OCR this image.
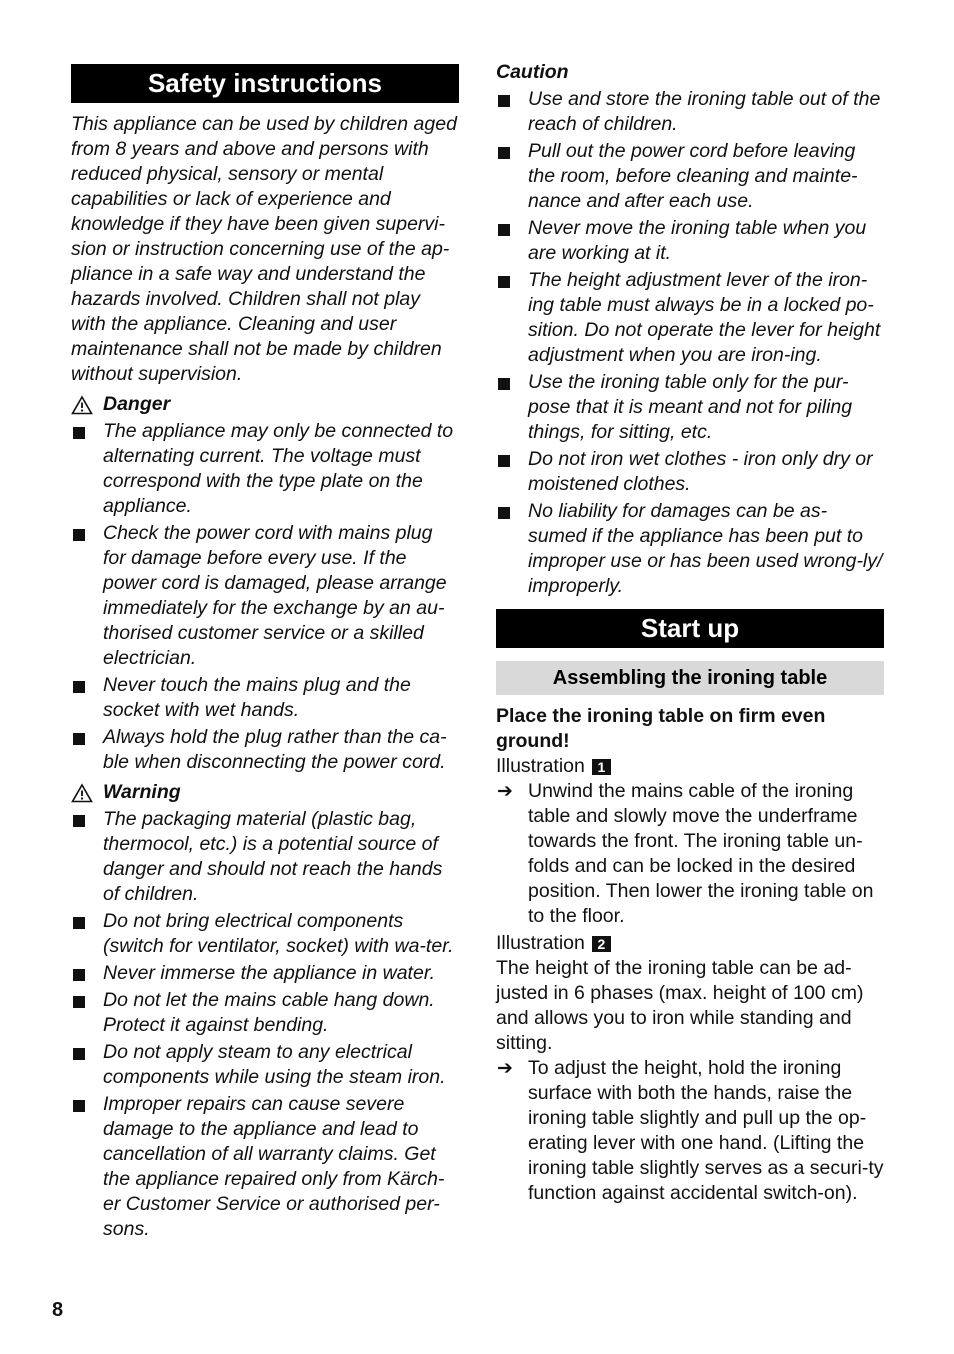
Safety instructions

This appliance can be used by children aged from 8 years and above and persons with reduced physical, sensory or mental capabilities or lack of experience and knowledge if they have been given supervi-sion or instruction concerning use of the ap-pliance in a safe way and understand the hazards involved. Children shall not play with the appliance. Cleaning and user maintenance shall not be made by children without supervision.

Danger
The appliance may only be connected to alternating current. The voltage must correspond with the type plate on the appliance.
Check the power cord with mains plug for damage before every use. If the power cord is damaged, please arrange immediately for the exchange by an au-thorised customer service or a skilled electrician.
Never touch the mains plug and the socket with wet hands.
Always hold the plug rather than the ca-ble when disconnecting the power cord.
Warning
The packaging material (plastic bag, thermocol, etc.) is a potential source of danger and should not reach the hands of children.
Do not bring electrical components (switch for ventilator, socket) with wa-ter.
Never immerse the appliance in water.
Do not let the mains cable hang down. Protect it against bending.
Do not apply steam to any electrical components while using the steam iron.
Improper repairs can cause severe damage to the appliance and lead to cancellation of all warranty claims. Get the appliance repaired only from Kärch-er Customer Service or authorised per-sons.
Caution
Use and store the ironing table out of the reach of children.
Pull out the power cord before leaving the room, before cleaning and mainte-nance and after each use.
Never move the ironing table when you are working at it.
The height adjustment lever of the iron-ing table must always be in a locked po-sition. Do not operate the lever for height adjustment when you are iron-ing.
Use the ironing table only for the pur-pose that it is meant and not for piling things, for sitting, etc.
Do not iron wet clothes - iron only dry or moistened clothes.
No liability for damages can be as-sumed if the appliance has been put to improper use or has been used wrong-ly/ improperly.
Start up
Assembling the ironing table

Place the ironing table on firm even ground!

Illustration 1
➔ Unwind the mains cable of the ironing table and slowly move the underframe towards the front. The ironing table un-folds and can be locked in the desired position. Then lower the ironing table on to the floor.
Illustration 2

The height of the ironing table can be ad-justed in 6 phases (max. height of 100 cm) and allows you to iron while standing and sitting.

➔ To adjust the height, hold the ironing surface with both the hands, raise the ironing table slightly and pull up the op-erating lever with one hand. (Lifting the ironing table slightly serves as a securi-ty function against accidental switch-on).
8
